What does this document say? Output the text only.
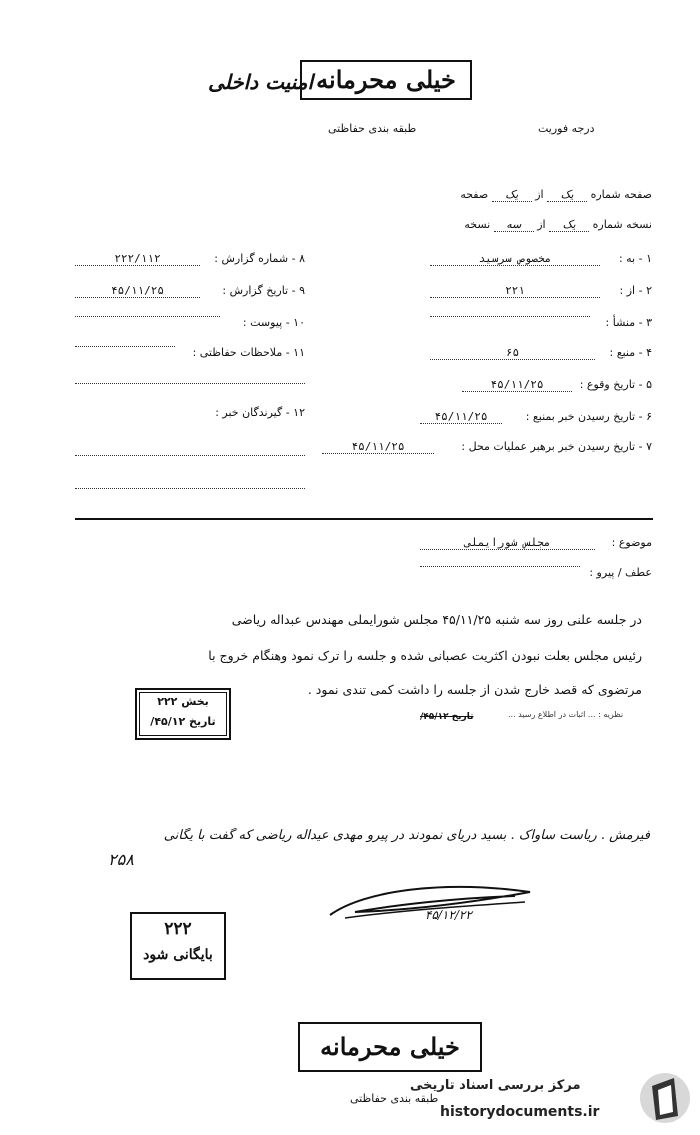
خیلی محرمانه
امنیت داخلی
طبقه بندی حفاظتی	درجه فوریت
صفحه شماره یک از یک صفحه
نسخه شماره یک از سه نسخه
۸ - شماره گزارش :
۲۲۲/۱۱۲
۹ - تاریخ گزارش :
۴۵/۱۱/۲۵
۱۰ - پیوست :
۱۱ - ملاحظات حفاظتی :
۱۲ - گیرندگان خبر :
۱ - به :
مخصوص سرسید
۲ - از :
۲۲۱
۳ - منشأ :
۴ - منبع :
۶۵
۵ - تاریخ وقوع :
۴۵/۱۱/۲۵
۶ - تاریخ رسیدن خبر بمنبع :
۴۵/۱۱/۲۵
۷ - تاریخ رسیدن خبر برهبر عملیات محل :
۴۵/۱۱/۲۵
موضوع :
مجلس شورایملی
عطف / پیرو :
در جلسه علنی روز سه شنبه ۴۵/۱۱/۲۵ مجلس شورایملی مهندس عبداله ریاضی
رئیس مجلس بعلت نبودن اکثریت عصبانی شده و جلسه را ترک نمود وهنگام خروج با
مرتضوی که قصد خارج شدن از جلسه را داشت کمی تندی نمود .
نظریه : ... اثبات در اطلاع رسید ...
تاریخ ۴۵/۱۲/
بخش ۲۲۲
تاریخ ۴۵/۱۲/
فیرمش . ریاست ساواک . بسید دریای نمودند در پیرو مهدی عیداله ریاضی که گفت با یگانی
۲۵۸
۴۵/۱۲/۲۲
۲۲۲
بایگانی شود
خیلی محرمانه
طبقه بندی حفاظتی
مرکز بررسی اسناد تاریخی
historydocuments.ir
